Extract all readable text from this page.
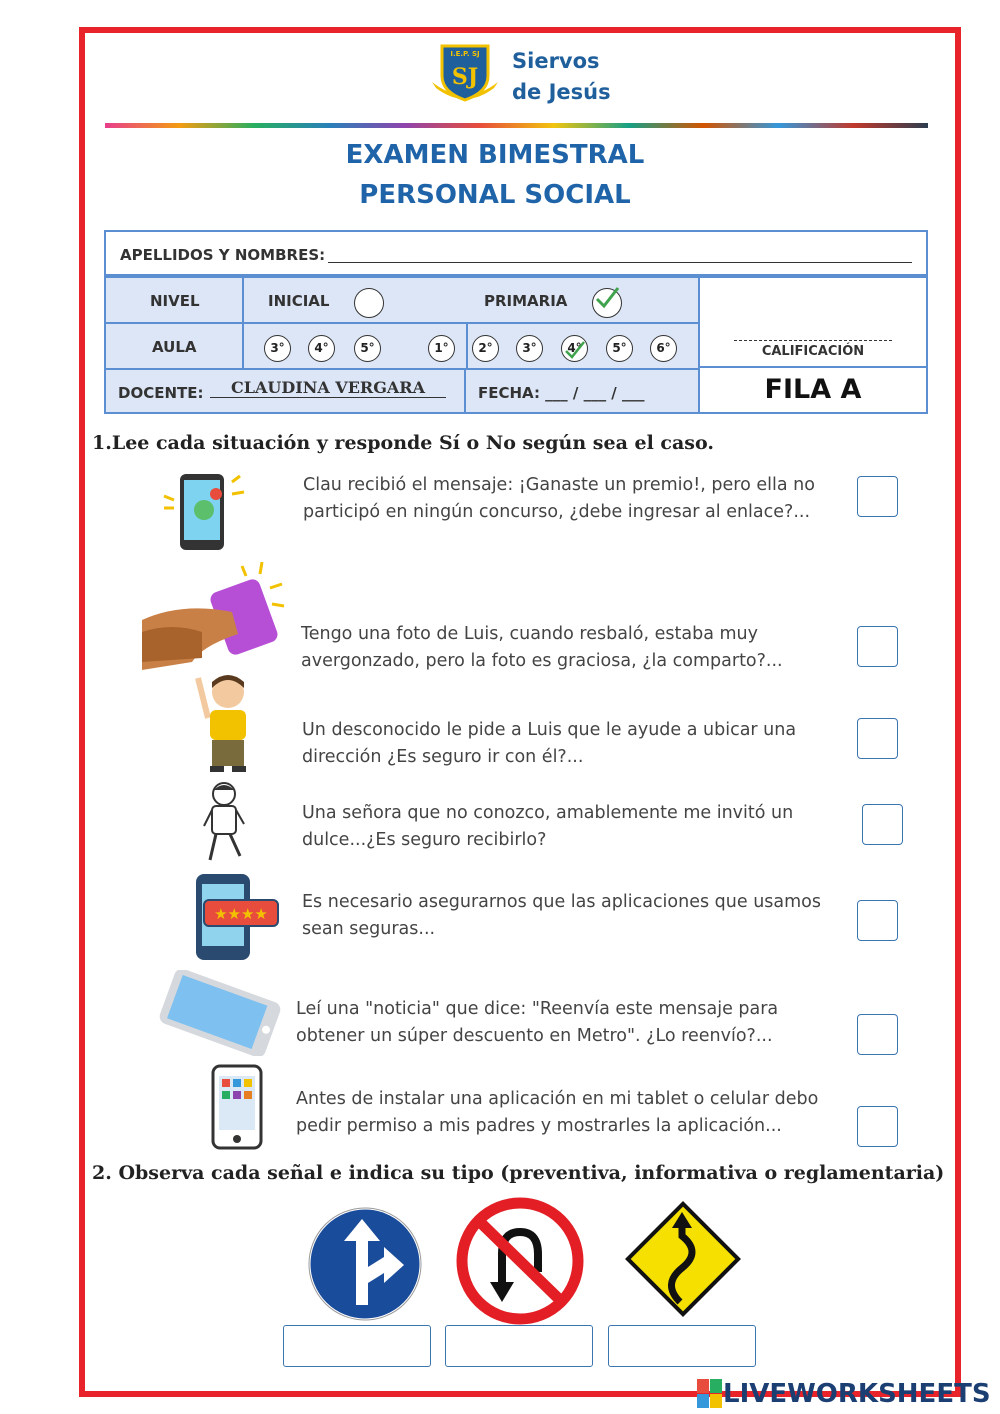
I.E.P. SJ
SJ
Siervos
de Jesús
EXAMEN BIMESTRAL
PERSONAL SOCIAL
APELLIDOS Y NOMBRES:
NIVEL	INICIAL	PRIMARIA
AULA	3°	4°	5°	1°	2°	3°	4°	5°	6°
DOCENTE:	CLAUDINA VERGARA	FECHA: ___ / ___ / ___
CALIFICACIÓN
FILA A
1.Lee cada situación y responde Sí o No según sea el caso.
Clau recibió el mensaje: ¡Ganaste un premio!, pero ella no
participó en ningún concurso, ¿debe ingresar al enlace?...
Tengo una foto de Luis, cuando resbaló, estaba muy
avergonzado, pero la foto es graciosa, ¿la comparto?...
Un desconocido le pide a Luis que le ayude a ubicar una
dirección ¿Es seguro ir con él?...
Una señora que no conozco, amablemente me invitó un
dulce...¿Es seguro recibirlo?
★★★★
Es necesario asegurarnos que las aplicaciones que usamos
sean seguras...
Leí una "noticia" que dice: "Reenvía este mensaje para
obtener un súper descuento en Metro". ¿Lo reenvío?...
Antes de instalar una aplicación en mi tablet o celular debo
pedir permiso a mis padres y mostrarles la aplicación...
2. Observa cada señal e indica su tipo (preventiva, informativa o reglamentaria)
LIVEWORKSHEETS
